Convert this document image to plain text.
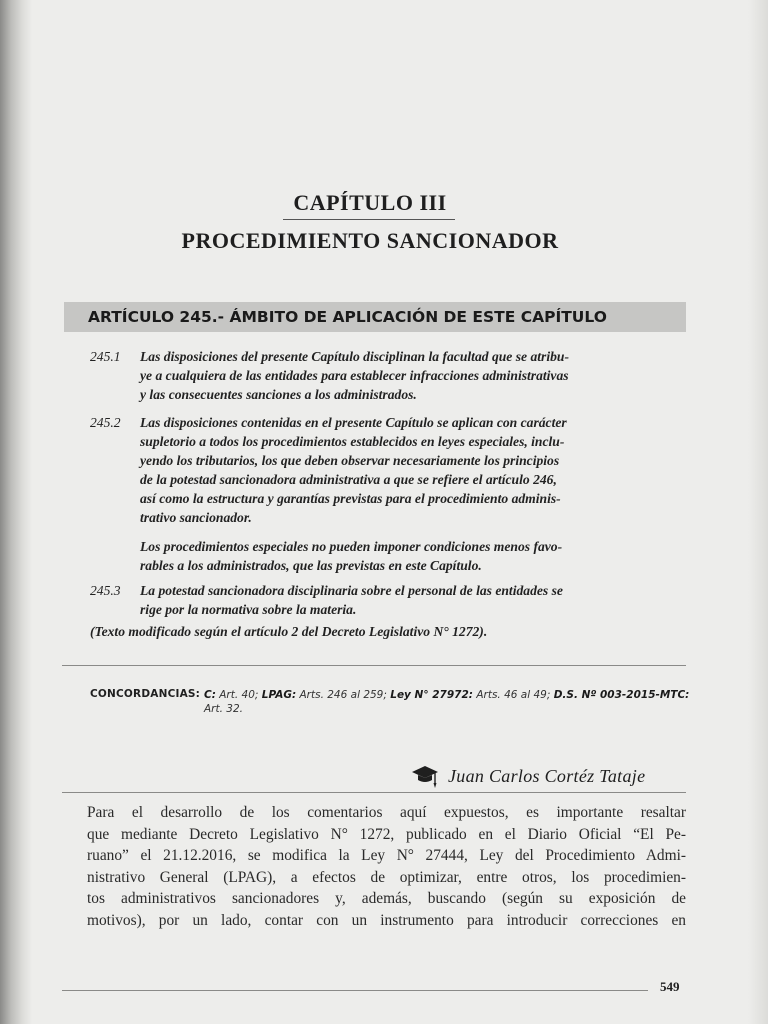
CAPÍTULO III
PROCEDIMIENTO SANCIONADOR
ARTÍCULO 245.- ÁMBITO DE APLICACIÓN DE ESTE CAPÍTULO
245.1	Las disposiciones del presente Capítulo disciplinan la facultad que se atribu-
ye a cualquiera de las entidades para establecer infracciones administrativas
y las consecuentes sanciones a los administrados.
245.2	Las disposiciones contenidas en el presente Capítulo se aplican con carácter
supletorio a todos los procedimientos establecidos en leyes especiales, inclu-
yendo los tributarios, los que deben observar necesariamente los principios
de la potestad sancionadora administrativa a que se refiere el artículo 246,
así como la estructura y garantías previstas para el procedimiento adminis-
trativo sancionador.
Los procedimientos especiales no pueden imponer condiciones menos favo-
rables a los administrados, que las previstas en este Capítulo.
245.3	La potestad sancionadora disciplinaria sobre el personal de las entidades se
rige por la normativa sobre la materia.
(Texto modificado según el artículo 2 del Decreto Legislativo N° 1272).
CONCORDANCIAS: C: Art. 40; LPAG: Arts. 246 al 259; Ley N° 27972: Arts. 46 al 49; D.S. Nº 003-2015-MTC:
Art. 32.
Juan Carlos Cortéz Tataje
Para el desarrollo de los comentarios aquí expuestos, es importante resaltar
que mediante Decreto Legislativo N° 1272, publicado en el Diario Oficial “El Pe-
ruano” el 21.12.2016, se modifica la Ley N° 27444, Ley del Procedimiento Admi-
nistrativo General (LPAG), a efectos de optimizar, entre otros, los procedimien-
tos administrativos sancionadores y, además, buscando (según su exposición de
motivos), por un lado, contar con un instrumento para introducir correcciones en
549
